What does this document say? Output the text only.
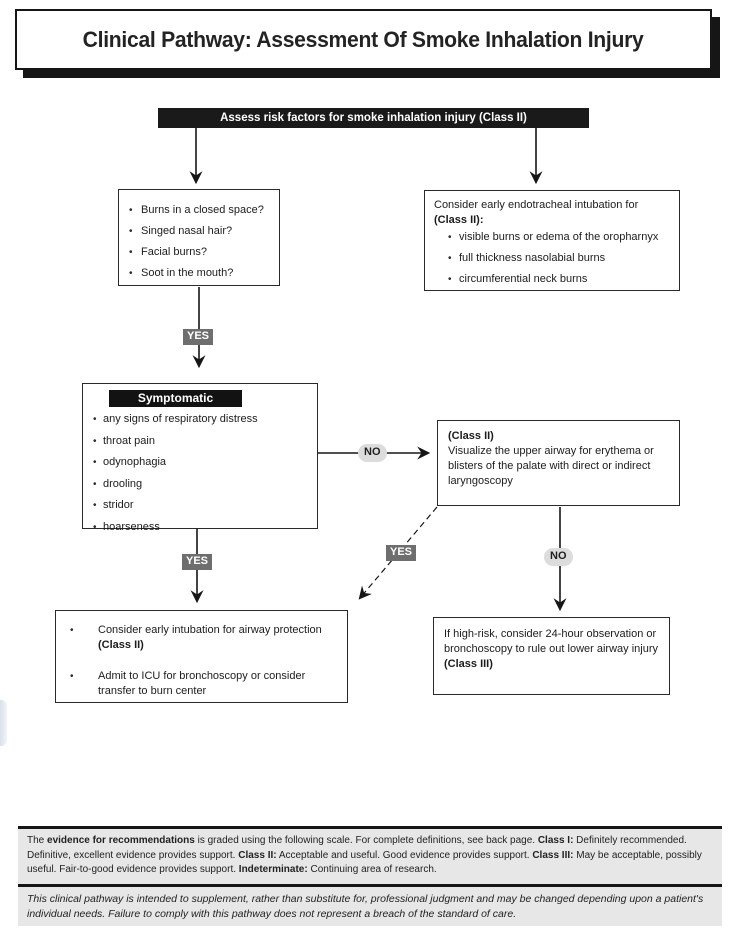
Clinical Pathway: Assessment Of Smoke Inhalation Injury
Assess risk factors for smoke inhalation injury (Class II)
• Burns in a closed space?
• Singed nasal hair?
• Facial burns?
• Soot in the mouth?
Consider early endotracheal intubation for
(Class II):
• visible burns or edema of the oropharnyx
• full thickness nasolabial burns
• circumferential neck burns
Symptomatic
• any signs of respiratory distress
• throat pain
• odynophagia
• drooling
• stridor
• hoarseness
(Class II)
Visualize the upper airway for erythema or blisters of the palate with direct or indirect laryngoscopy
• Consider early intubation for airway protection
(Class II)
• Admit to ICU for bronchoscopy or consider transfer to burn center
If high-risk, consider 24-hour observation or bronchoscopy to rule out lower airway injury (Class III)
YES
YES
YES
NO
NO
The evidence for recommendations is graded using the following scale. For complete definitions, see back page. Class I: Definitely recommended. Definitive, excellent evidence provides support. Class II: Acceptable and useful. Good evidence provides support. Class III: May be acceptable, possibly useful. Fair-to-good evidence provides support. Indeterminate: Continuing area of research.
This clinical pathway is intended to supplement, rather than substitute for, professional judgment and may be changed depending upon a patient's individual needs. Failure to comply with this pathway does not represent a breach of the standard of care.
